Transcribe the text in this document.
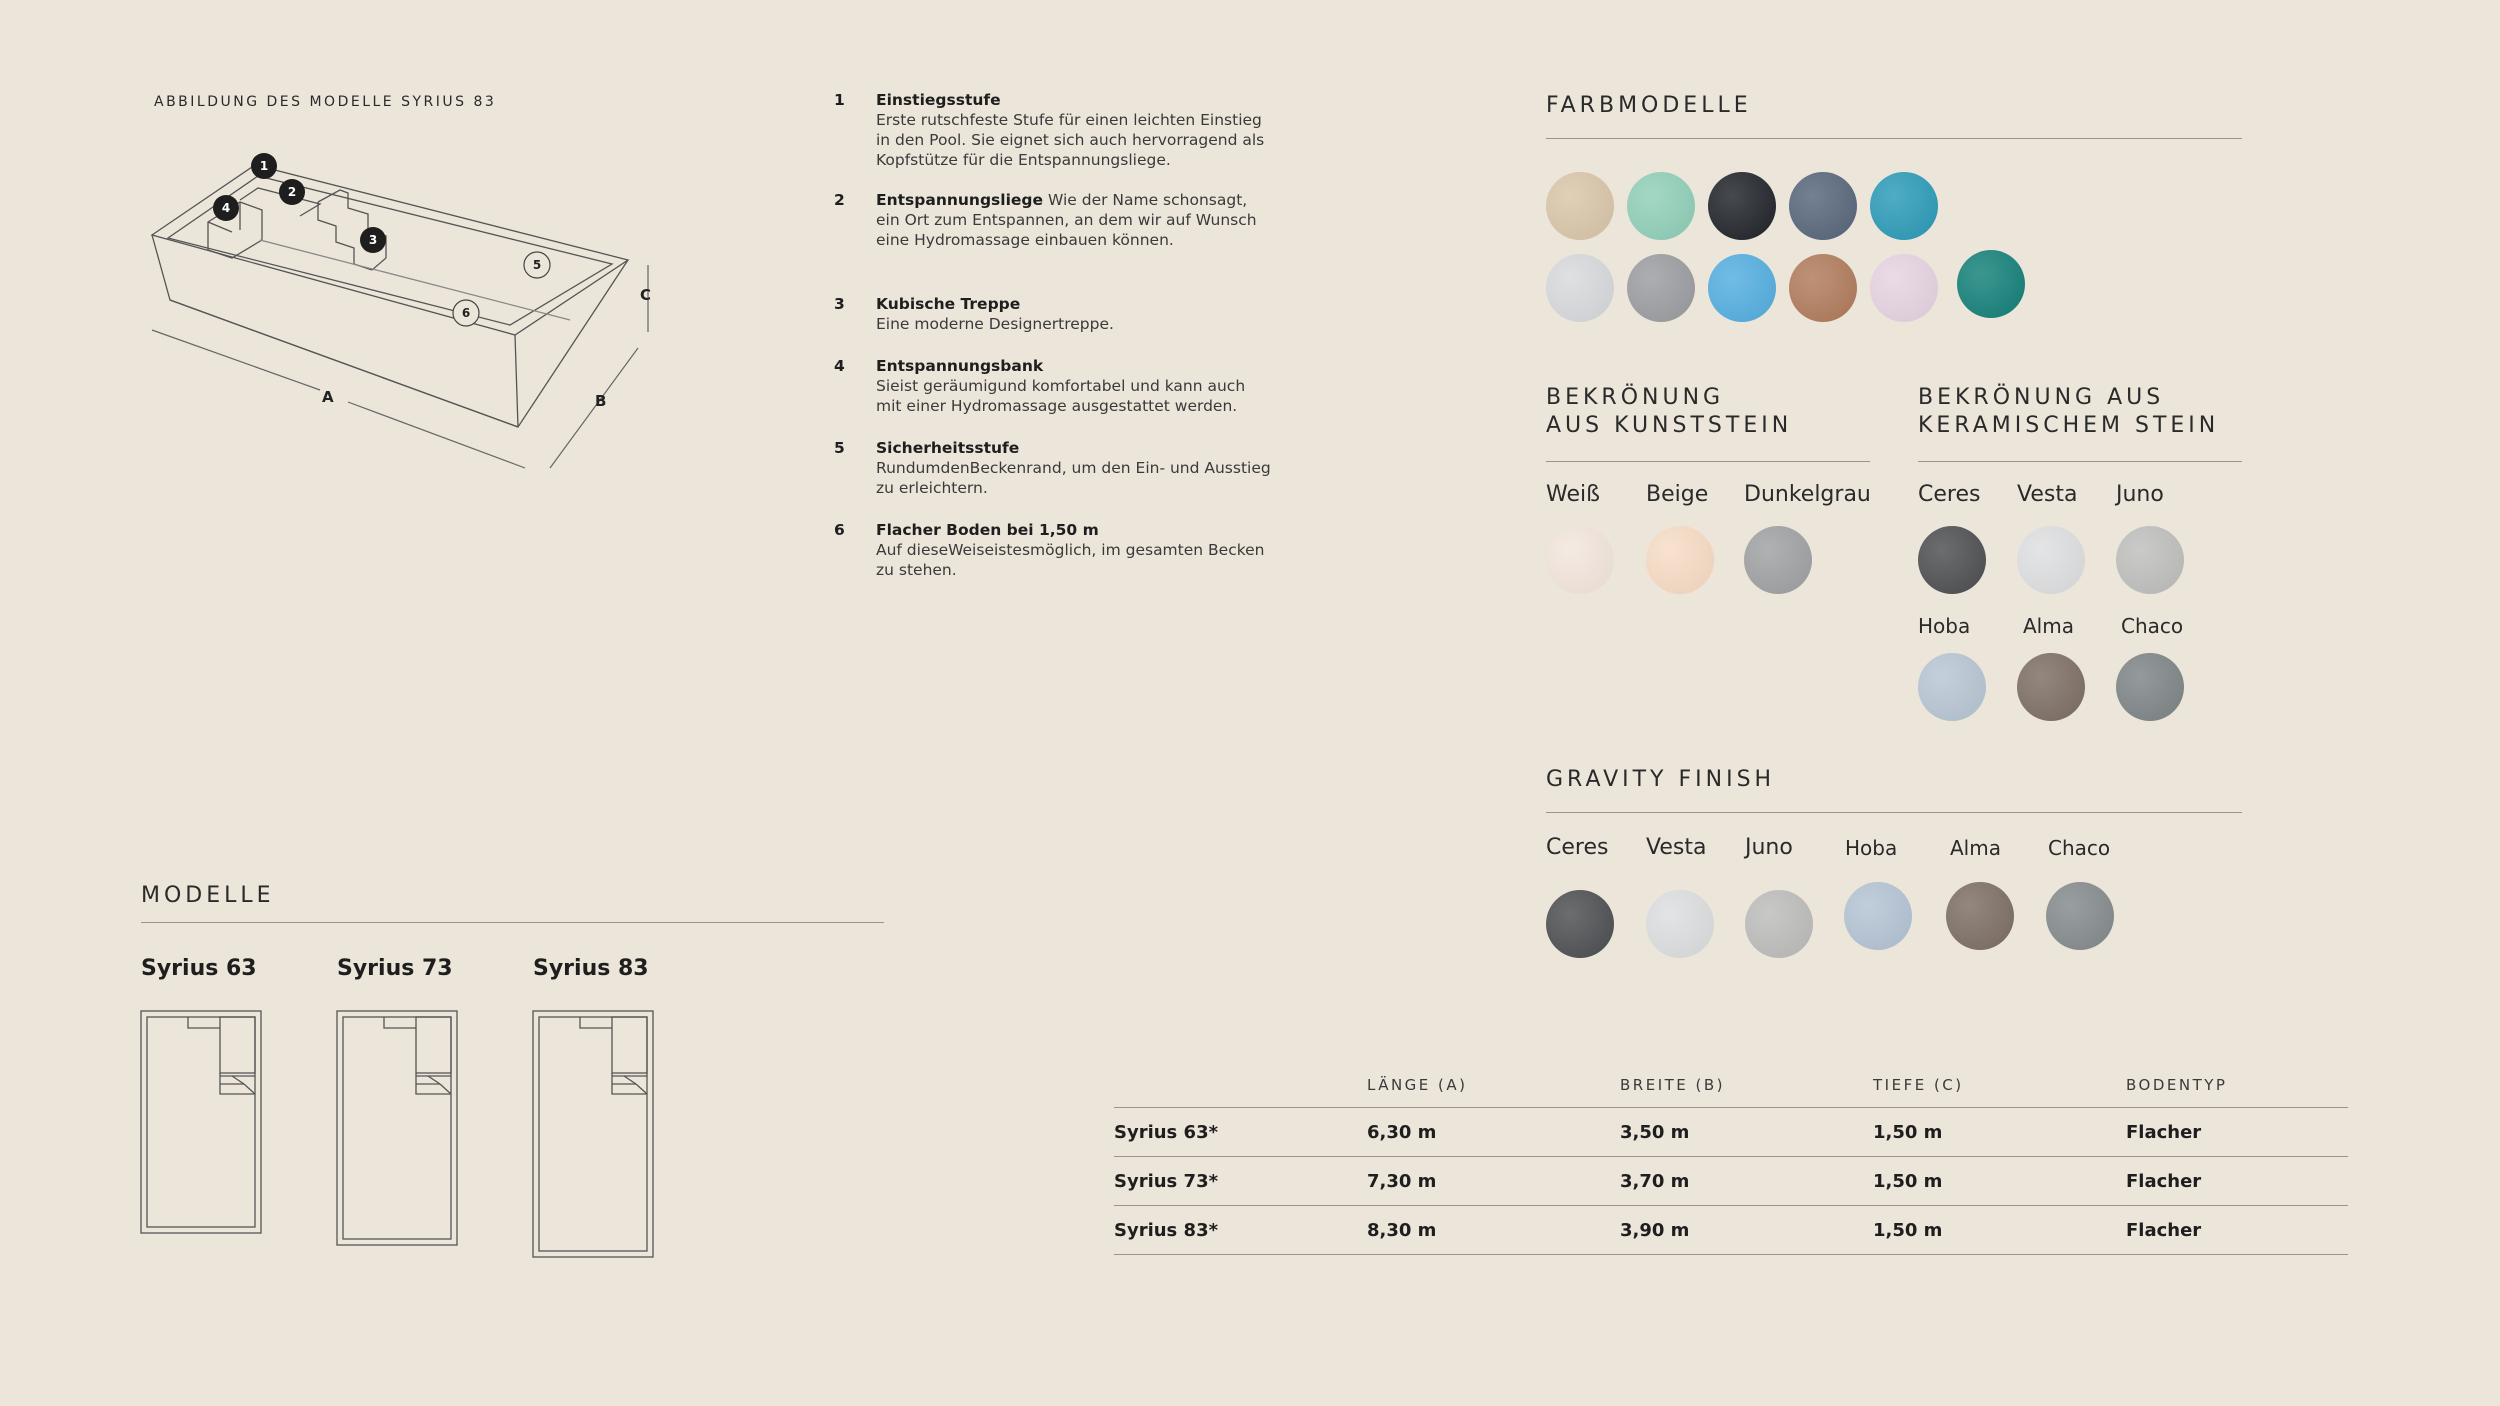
ABBILDUNG DES MODELLE SYRIUS 83
A	B
C
1
2
3
4
5
6
1 Einstiegsstufe
Erste rutschfeste Stufe für einen leichten Einstieg in den Pool. Sie eignet sich auch hervorragend als Kopfstütze für die Entspannungsliege.
2 Entspannungsliege Wie der Name schonsagt, ein Ort zum Entspannen, an dem wir auf Wunsch eine Hydromassage einbauen können.
3 Kubische Treppe
Eine moderne Designertreppe.
4 Entspannungsbank
Sieist geräumigund komfortabel und kann auch mit einer Hydromassage ausgestattet werden.
5 Sicherheitsstufe
RundumdenBeckenrand, um den Ein- und Ausstieg zu erleichtern.
6 Flacher Boden bei 1,50 m
Auf dieseWeiseistesmöglich, im gesamten Becken zu stehen.
FARBMODELLE
BEKRÖNUNG
AUS KUNSTSTEIN
Weiß Beige Dunkelgrau
BEKRÖNUNG AUS
KERAMISCHEM STEIN
Ceres Vesta Juno
Hoba	Alma Chaco
GRAVITY FINISH
Ceres Vesta Juno	Hoba	Alma Chaco
MODELLE
Syrius 63	Syrius 73	Syrius 83
LÄNGE (A)	BREITE (B)	TIEFE (C)	BODENTYP
Syrius 63*	6,30 m	3,50 m	1,50 m	Flacher
Syrius 73*	7,30 m	3,70 m	1,50 m	Flacher
Syrius 83*	8,30 m	3,90 m	1,50 m	Flacher
